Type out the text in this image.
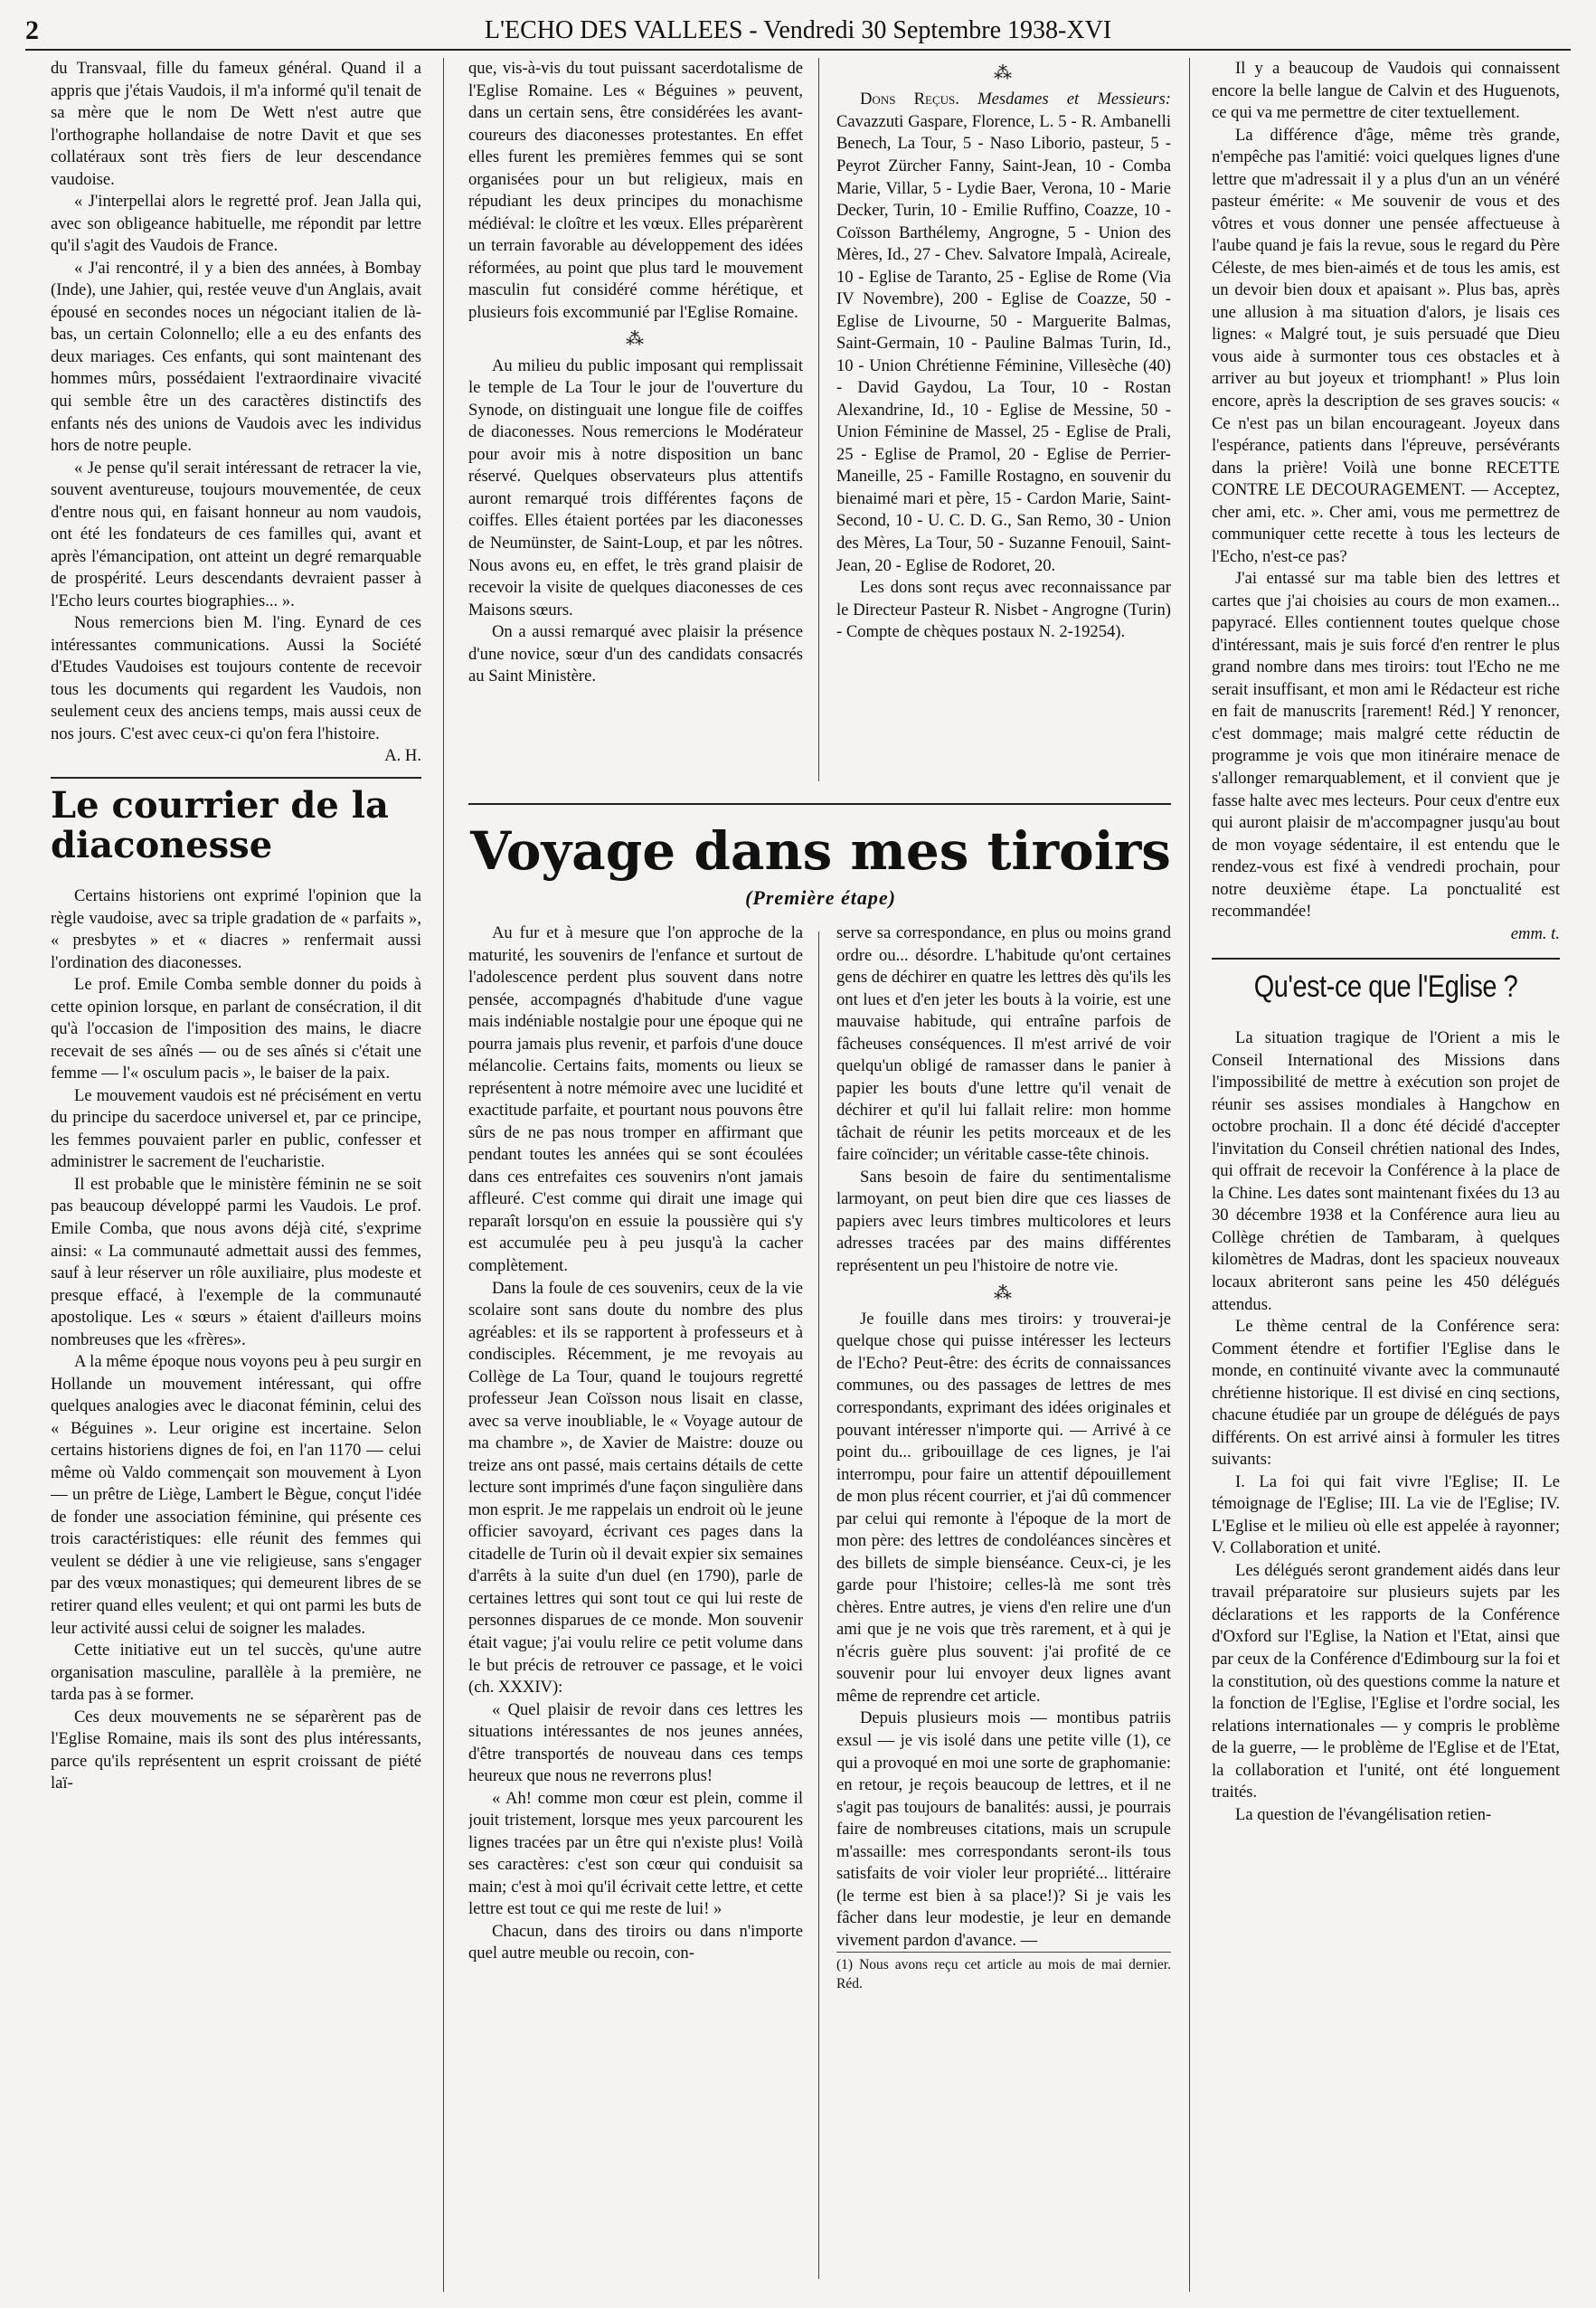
2	L'ECHO DES VALLEES - Vendredi 30 Septembre 1938-XVI

du Transvaal, fille du fameux général. Quand il a appris que j'étais Vaudois, il m'a informé qu'il tenait de sa mère que le nom De Wett n'est autre que l'orthographe hollandaise de notre Davit et que ses collatéraux sont très fiers de leur descendance vaudoise.

« J'interpellai alors le regretté prof. Jean Jalla qui, avec son obligeance habituelle, me répondit par lettre qu'il s'agit des Vaudois de France.

« J'ai rencontré, il y a bien des années, à Bombay (Inde), une Jahier, qui, restée veuve d'un Anglais, avait épousé en secondes noces un négociant italien de là-bas, un certain Colonnello; elle a eu des enfants des deux mariages. Ces enfants, qui sont maintenant des hommes mûrs, possédaient l'extraordinaire vivacité qui semble être un des caractères distinctifs des enfants nés des unions de Vaudois avec les individus hors de notre peuple.

« Je pense qu'il serait intéressant de retracer la vie, souvent aventureuse, toujours mouvementée, de ceux d'entre nous qui, en faisant honneur au nom vaudois, ont été les fondateurs de ces familles qui, avant et après l'émancipation, ont atteint un degré remarquable de prospérité. Leurs descendants devraient passer à l'Echo leurs courtes biographies... ».

Nous remercions bien M. l'ing. Eynard de ces intéressantes communications. Aussi la Société d'Etudes Vaudoises est toujours contente de recevoir tous les documents qui regardent les Vaudois, non seulement ceux des anciens temps, mais aussi ceux de nos jours. C'est avec ceux-ci qu'on fera l'histoire.

A. H.
Le courrier de la diaconesse

Certains historiens ont exprimé l'opinion que la règle vaudoise, avec sa triple gradation de « parfaits », « presbytes » et « diacres » renfermait aussi l'ordination des diaconesses.

Le prof. Emile Comba semble donner du poids à cette opinion lorsque, en parlant de consécration, il dit qu'à l'occasion de l'imposition des mains, le diacre recevait de ses aînés — ou de ses aînés si c'était une femme — l'« osculum pacis », le baiser de la paix.

Le mouvement vaudois est né précisément en vertu du principe du sacerdoce universel et, par ce principe, les femmes pouvaient parler en public, confesser et administrer le sacrement de l'eucharistie.

Il est probable que le ministère féminin ne se soit pas beaucoup développé parmi les Vaudois. Le prof. Emile Comba, que nous avons déjà cité, s'exprime ainsi: « La communauté admettait aussi des femmes, sauf à leur réserver un rôle auxiliaire, plus modeste et presque effacé, à l'exemple de la communauté apostolique. Les « sœurs » étaient d'ailleurs moins nombreuses que les «frères».

A la même époque nous voyons peu à peu surgir en Hollande un mouvement intéressant, qui offre quelques analogies avec le diaconat féminin, celui des « Béguines ». Leur origine est incertaine. Selon certains historiens dignes de foi, en l'an 1170 — celui même où Valdo commençait son mouvement à Lyon — un prêtre de Liège, Lambert le Bègue, conçut l'idée de fonder une association féminine, qui présente ces trois caractéristiques: elle réunit des femmes qui veulent se dédier à une vie religieuse, sans s'engager par des vœux monastiques; qui demeurent libres de se retirer quand elles veulent; et qui ont parmi les buts de leur activité aussi celui de soigner les malades.

Cette initiative eut un tel succès, qu'une autre organisation masculine, parallèle à la première, ne tarda pas à se former.

Ces deux mouvements ne se séparèrent pas de l'Eglise Romaine, mais ils sont des plus intéressants, parce qu'ils représentent un esprit croissant de piété laï-

que, vis-à-vis du tout puissant sacerdotalisme de l'Eglise Romaine. Les « Béguines » peuvent, dans un certain sens, être considérées les avant-coureurs des diaconesses protestantes. En effet elles furent les premières femmes qui se sont organisées pour un but religieux, mais en répudiant les deux principes du monachisme médiéval: le cloître et les vœux. Elles préparèrent un terrain favorable au développement des idées réformées, au point que plus tard le mouvement masculin fut considéré comme hérétique, et plusieurs fois excommunié par l'Eglise Romaine.

⁂

Au milieu du public imposant qui remplissait le temple de La Tour le jour de l'ouverture du Synode, on distinguait une longue file de coiffes de diaconesses. Nous remercions le Modérateur pour avoir mis à notre disposition un banc réservé. Quelques observateurs plus attentifs auront remarqué trois différentes façons de coiffes. Elles étaient portées par les diaconesses de Neumünster, de Saint-Loup, et par les nôtres. Nous avons eu, en effet, le très grand plaisir de recevoir la visite de quelques diaconesses de ces Maisons sœurs.

On a aussi remarqué avec plaisir la présence d'une novice, sœur d'un des candidats consacrés au Saint Ministère.

⁂

Dons Reçus. Mesdames et Messieurs: Cavazzuti Gaspare, Florence, L. 5 - R. Ambanelli Benech, La Tour, 5 - Naso Liborio, pasteur, 5 - Peyrot Zürcher Fanny, Saint-Jean, 10 - Comba Marie, Villar, 5 - Lydie Baer, Verona, 10 - Marie Decker, Turin, 10 - Emilie Ruffino, Coazze, 10 - Coïsson Barthélemy, Angrogne, 5 - Union des Mères, Id., 27 - Chev. Salvatore Impalà, Acireale, 10 - Eglise de Taranto, 25 - Eglise de Rome (Via IV Novembre), 200 - Eglise de Coazze, 50 - Eglise de Livourne, 50 - Marguerite Balmas, Saint-Germain, 10 - Pauline Balmas Turin, Id., 10 - Union Chrétienne Féminine, Villesèche (40) - David Gaydou, La Tour, 10 - Rostan Alexandrine, Id., 10 - Eglise de Messine, 50 - Union Féminine de Massel, 25 - Eglise de Prali, 25 - Eglise de Pramol, 20 - Eglise de Perrier-Maneille, 25 - Famille Rostagno, en souvenir du bienaimé mari et père, 15 - Cardon Marie, Saint-Second, 10 - U. C. D. G., San Remo, 30 - Union des Mères, La Tour, 50 - Suzanne Fenouil, Saint-Jean, 20 - Eglise de Rodoret, 20.

Les dons sont reçus avec reconnaissance par le Directeur Pasteur R. Nisbet - Angrogne (Turin) - Compte de chèques postaux N. 2-19254).

Voyage dans mes tiroirs
(Première étape)

Au fur et à mesure que l'on approche de la maturité, les souvenirs de l'enfance et surtout de l'adolescence perdent plus souvent dans notre pensée, accompagnés d'habitude d'une vague mais indéniable nostalgie pour une époque qui ne pourra jamais plus revenir, et parfois d'une douce mélancolie. Certains faits, moments ou lieux se représentent à notre mémoire avec une lucidité et exactitude parfaite, et pourtant nous pouvons être sûrs de ne pas nous tromper en affirmant que pendant toutes les années qui se sont écoulées dans ces entrefaites ces souvenirs n'ont jamais affleuré. C'est comme qui dirait une image qui reparaît lorsqu'on en essuie la poussière qui s'y est accumulée peu à peu jusqu'à la cacher complètement.

Dans la foule de ces souvenirs, ceux de la vie scolaire sont sans doute du nombre des plus agréables: et ils se rapportent à professeurs et à condisciples. Récemment, je me revoyais au Collège de La Tour, quand le toujours regretté professeur Jean Coïsson nous lisait en classe, avec sa verve inoubliable, le « Voyage autour de ma chambre », de Xavier de Maistre: douze ou treize ans ont passé, mais certains détails de cette lecture sont imprimés d'une façon singulière dans mon esprit. Je me rappelais un endroit où le jeune officier savoyard, écrivant ces pages dans la citadelle de Turin où il devait expier six semaines d'arrêts à la suite d'un duel (en 1790), parle de certaines lettres qui sont tout ce qui lui reste de personnes disparues de ce monde. Mon souvenir était vague; j'ai voulu relire ce petit volume dans le but précis de retrouver ce passage, et le voici (ch. XXXIV):

« Quel plaisir de revoir dans ces lettres les situations intéressantes de nos jeunes années, d'être transportés de nouveau dans ces temps heureux que nous ne reverrons plus!

« Ah! comme mon cœur est plein, comme il jouit tristement, lorsque mes yeux parcourent les lignes tracées par un être qui n'existe plus! Voilà ses caractères: c'est son cœur qui conduisit sa main; c'est à moi qu'il écrivait cette lettre, et cette lettre est tout ce qui me reste de lui! »

Chacun, dans des tiroirs ou dans n'importe quel autre meuble ou recoin, con-

serve sa correspondance, en plus ou moins grand ordre ou... désordre. L'habitude qu'ont certaines gens de déchirer en quatre les lettres dès qu'ils les ont lues et d'en jeter les bouts à la voirie, est une mauvaise habitude, qui entraîne parfois de fâcheuses conséquences. Il m'est arrivé de voir quelqu'un obligé de ramasser dans le panier à papier les bouts d'une lettre qu'il venait de déchirer et qu'il lui fallait relire: mon homme tâchait de réunir les petits morceaux et de les faire coïncider; un véritable casse-tête chinois.

Sans besoin de faire du sentimentalisme larmoyant, on peut bien dire que ces liasses de papiers avec leurs timbres multicolores et leurs adresses tracées par des mains différentes représentent un peu l'histoire de notre vie.

⁂

Je fouille dans mes tiroirs: y trouverai-je quelque chose qui puisse intéresser les lecteurs de l'Echo? Peut-être: des écrits de connaissances communes, ou des passages de lettres de mes correspondants, exprimant des idées originales et pouvant intéresser n'importe qui. — Arrivé à ce point du... gribouillage de ces lignes, je l'ai interrompu, pour faire un attentif dépouillement de mon plus récent courrier, et j'ai dû commencer par celui qui remonte à l'époque de la mort de mon père: des lettres de condoléances sincères et des billets de simple bienséance. Ceux-ci, je les garde pour l'histoire; celles-là me sont très chères. Entre autres, je viens d'en relire une d'un ami que je ne vois que très rarement, et à qui je n'écris guère plus souvent: j'ai profité de ce souvenir pour lui envoyer deux lignes avant même de reprendre cet article.

Depuis plusieurs mois — montibus patriis exsul — je vis isolé dans une petite ville (1), ce qui a provoqué en moi une sorte de graphomanie: en retour, je reçois beaucoup de lettres, et il ne s'agit pas toujours de banalités: aussi, je pourrais faire de nombreuses citations, mais un scrupule m'assaille: mes correspondants seront-ils tous satisfaits de voir violer leur propriété... littéraire (le terme est bien à sa place!)? Si je vais les fâcher dans leur modestie, je leur en demande vivement pardon d'avance. —

(1) Nous avons reçu cet article au mois de mai dernier. Réd.

Il y a beaucoup de Vaudois qui connaissent encore la belle langue de Calvin et des Huguenots, ce qui va me permettre de citer textuellement.

La différence d'âge, même très grande, n'empêche pas l'amitié: voici quelques lignes d'une lettre que m'adressait il y a plus d'un an un vénéré pasteur émérite: « Me souvenir de vous et des vôtres et vous donner une pensée affectueuse à l'aube quand je fais la revue, sous le regard du Père Céleste, de mes bien-aimés et de tous les amis, est un devoir bien doux et apaisant ». Plus bas, après une allusion à ma situation d'alors, je lisais ces lignes: « Malgré tout, je suis persuadé que Dieu vous aide à surmonter tous ces obstacles et à arriver au but joyeux et triomphant! » Plus loin encore, après la description de ses graves soucis: « Ce n'est pas un bilan encourageant. Joyeux dans l'espérance, patients dans l'épreuve, persévérants dans la prière! Voilà une bonne RECETTE CONTRE LE DECOURAGEMENT. — Acceptez, cher ami, etc. ». Cher ami, vous me permettrez de communiquer cette recette à tous les lecteurs de l'Echo, n'est-ce pas?

J'ai entassé sur ma table bien des lettres et cartes que j'ai choisies au cours de mon examen... papyracé. Elles contiennent toutes quelque chose d'intéressant, mais je suis forcé d'en rentrer le plus grand nombre dans mes tiroirs: tout l'Echo ne me serait insuffisant, et mon ami le Rédacteur est riche en fait de manuscrits [rarement! Réd.] Y renoncer, c'est dommage; mais malgré cette réductin de programme je vois que mon itinéraire menace de s'allonger remarquablement, et il convient que je fasse halte avec mes lecteurs. Pour ceux d'entre eux qui auront plaisir de m'accompagner jusqu'au bout de mon voyage sédentaire, il est entendu que le rendez-vous est fixé à vendredi prochain, pour notre deuxième étape. La ponctualité est recommandée!

emm. t.
Qu'est-ce que l'Eglise ?

La situation tragique de l'Orient a mis le Conseil International des Missions dans l'impossibilité de mettre à exécution son projet de réunir ses assises mondiales à Hangchow en octobre prochain. Il a donc été décidé d'accepter l'invitation du Conseil chrétien national des Indes, qui offrait de recevoir la Conférence à la place de la Chine. Les dates sont maintenant fixées du 13 au 30 décembre 1938 et la Conférence aura lieu au Collège chrétien de Tambaram, à quelques kilomètres de Madras, dont les spacieux nouveaux locaux abriteront sans peine les 450 délégués attendus.

Le thème central de la Conférence sera: Comment étendre et fortifier l'Eglise dans le monde, en continuité vivante avec la communauté chrétienne historique. Il est divisé en cinq sections, chacune étudiée par un groupe de délégués de pays différents. On est arrivé ainsi à formuler les titres suivants:

I. La foi qui fait vivre l'Eglise; II. Le témoignage de l'Eglise; III. La vie de l'Eglise; IV. L'Eglise et le milieu où elle est appelée à rayonner; V. Collaboration et unité.

Les délégués seront grandement aidés dans leur travail préparatoire sur plusieurs sujets par les déclarations et les rapports de la Conférence d'Oxford sur l'Eglise, la Nation et l'Etat, ainsi que par ceux de la Conférence d'Edimbourg sur la foi et la constitution, où des questions comme la nature et la fonction de l'Eglise, l'Eglise et l'ordre social, les relations internationales — y compris le problème de la guerre, — le problème de l'Eglise et de l'Etat, la collaboration et l'unité, ont été longuement traités.

La question de l'évangélisation retien-
